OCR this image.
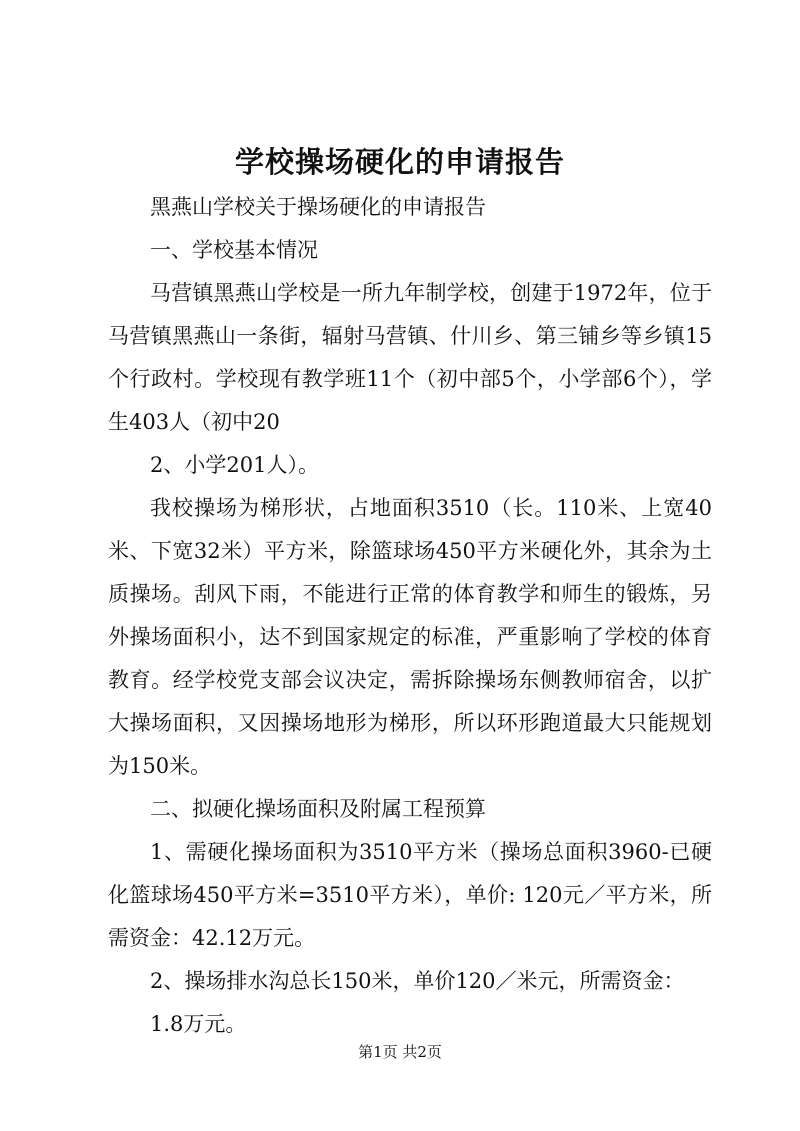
学校操场硬化的申请报告

黑燕山学校关于操场硬化的申请报告

一、学校基本情况

马营镇黑燕山学校是一所九年制学校，创建于1972年，位于马营镇黑燕山一条街，辐射马营镇、什川乡、第三铺乡等乡镇15个行政村。学校现有教学班11个（初中部5个，小学部6个），学生403人（初中20

2、小学201人）。

我校操场为梯形状，占地面积3510（长。110米、上宽40米、下宽32米）平方米，除篮球场450平方米硬化外，其余为土质操场。刮风下雨，不能进行正常的体育教学和师生的锻炼，另外操场面积小，达不到国家规定的标准，严重影响了学校的体育教育。经学校党支部会议决定，需拆除操场东侧教师宿舍，以扩大操场面积，又因操场地形为梯形，所以环形跑道最大只能规划为150米。

二、拟硬化操场面积及附属工程预算

1、需硬化操场面积为3510平方米（操场总面积3960-已硬化篮球场450平方米=3510平方米），单价: 120元／平方米，所需资金：42.12万元。

2、操场排水沟总长150米，单价120／米元，所需资金：

1.8万元。

第1页 共2页
